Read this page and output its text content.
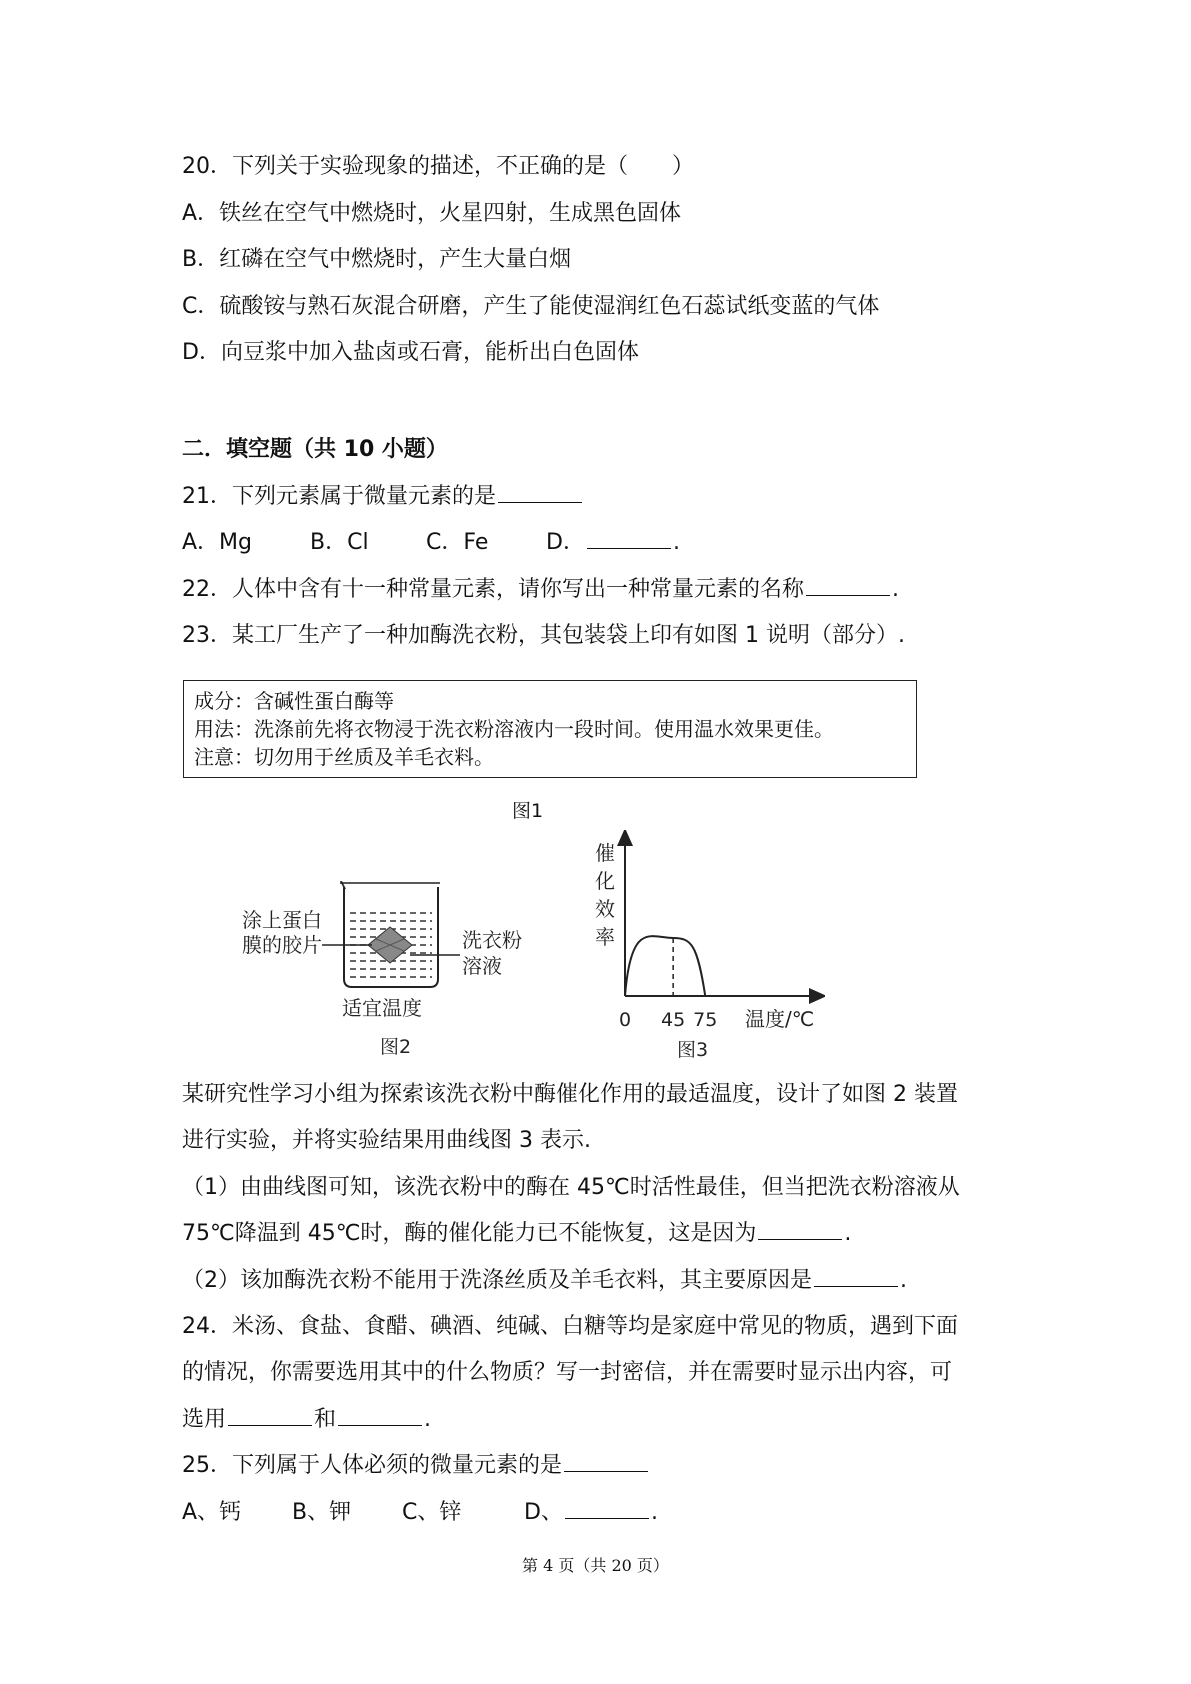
20．下列关于实验现象的描述，不正确的是（　　）
A．铁丝在空气中燃烧时，火星四射，生成黑色固体
B．红磷在空气中燃烧时，产生大量白烟
C．硫酸铵与熟石灰混合研磨，产生了能使湿润红色石蕊试纸变蓝的气体
D．向豆浆中加入盐卤或石膏，能析出白色固体
二．填空题（共 10 小题）
21．下列元素属于微量元素的是
A．Mg	B．Cl	C．Fe	D．	.
22．人体中含有十一种常量元素，请你写出一种常量元素的名称	.
23．某工厂生产了一种加酶洗衣粉，其包装袋上印有如图 1 说明（部分）.
成分：含碱性蛋白酶等
用法：洗涤前先将衣物浸于洗衣粉溶液内一段时间。使用温水效果更佳。
注意：切勿用于丝质及羊毛衣料。
图1
涂上蛋白
膜的胶片	洗衣粉
溶液
适宜温度
图2
催
化
效
率
0 45 75 温度/℃
图3
某研究性学习小组为探索该洗衣粉中酶催化作用的最适温度，设计了如图 2 装置
进行实验，并将实验结果用曲线图 3 表示.
（1）由曲线图可知，该洗衣粉中的酶在 45℃时活性最佳，但当把洗衣粉溶液从
75℃降温到 45℃时，酶的催化能力已不能恢复，这是因为	.
（2）该加酶洗衣粉不能用于洗涤丝质及羊毛衣料，其主要原因是	.
24．米汤、食盐、食醋、碘酒、纯碱、白糖等均是家庭中常见的物质，遇到下面
的情况，你需要选用其中的什么物质？写一封密信，并在需要时显示出内容，可
选用	和	.
25．下列属于人体必须的微量元素的是
A、钙 B、钾 C、锌	D、	.
第 4 页（共 20 页）
